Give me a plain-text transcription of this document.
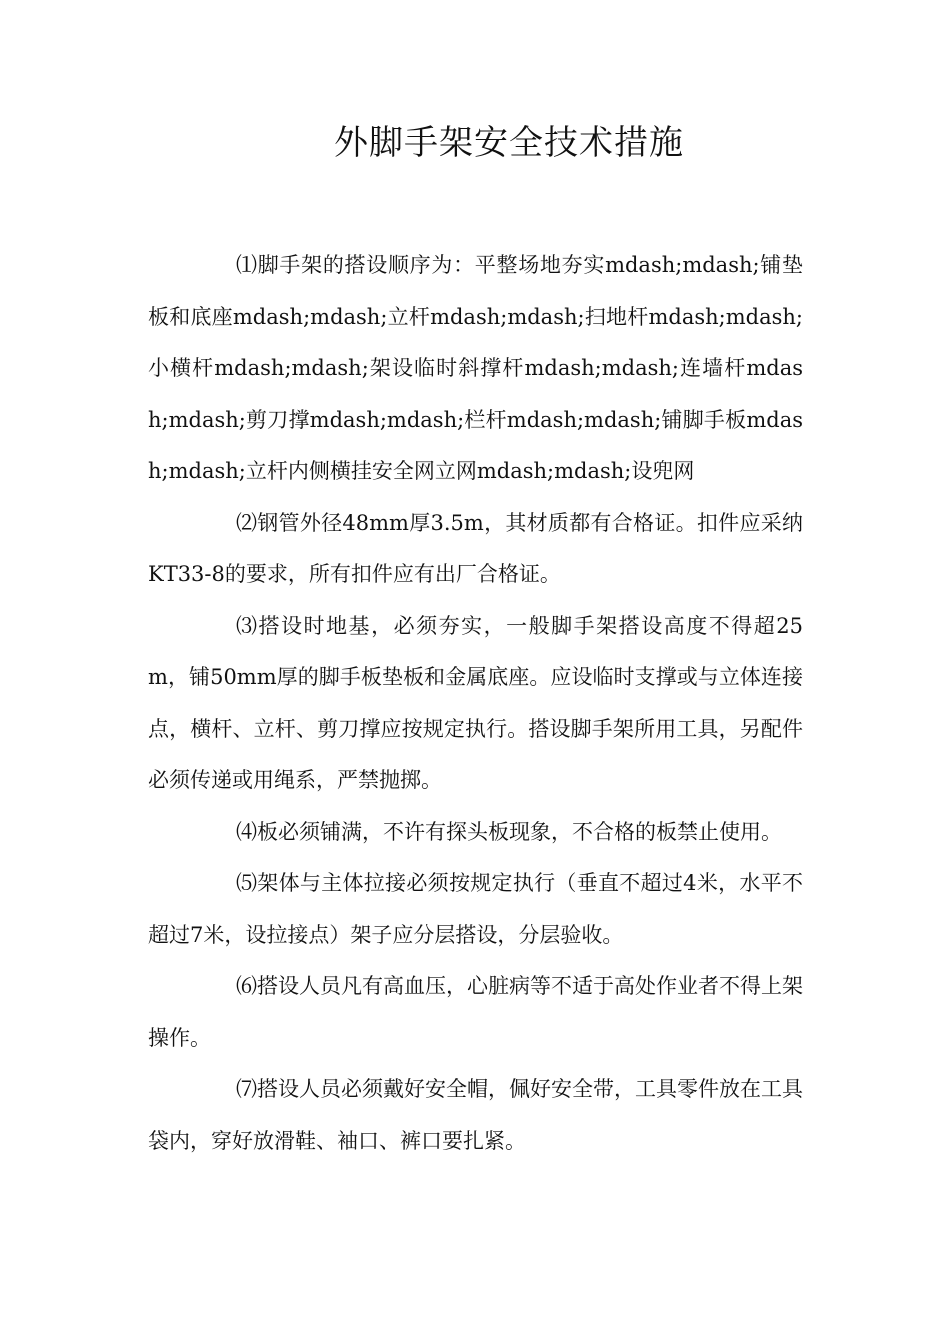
外脚手架安全技术措施

⑴脚手架的搭设顺序为：平整场地夯实mdash;mdash;铺垫板和底座mdash;mdash;立杆mdash;mdash;扫地杆mdash;mdash;小横杆mdash;mdash;架设临时斜撑杆mdash;mdash;连墙杆mdash;mdash;剪刀撑mdash;mdash;栏杆mdash;mdash;铺脚手板mdash;mdash;立杆内侧横挂安全网立网mdash;mdash;设兜网

⑵钢管外径48mm厚3.5m，其材质都有合格证。扣件应采纳KT33-8的要求，所有扣件应有出厂合格证。

⑶搭设时地基，必须夯实，一般脚手架搭设高度不得超25m，铺50mm厚的脚手板垫板和金属底座。应设临时支撑或与立体连接点，横杆、立杆、剪刀撑应按规定执行。搭设脚手架所用工具，另配件必须传递或用绳系，严禁抛掷。

⑷板必须铺满，不许有探头板现象，不合格的板禁止使用。

⑸架体与主体拉接必须按规定执行（垂直不超过4米，水平不超过7米，设拉接点）架子应分层搭设，分层验收。

⑹搭设人员凡有高血压，心脏病等不适于高处作业者不得上架操作。

⑺搭设人员必须戴好安全帽，佩好安全带，工具零件放在工具袋内，穿好放滑鞋、袖口、裤口要扎紧。
